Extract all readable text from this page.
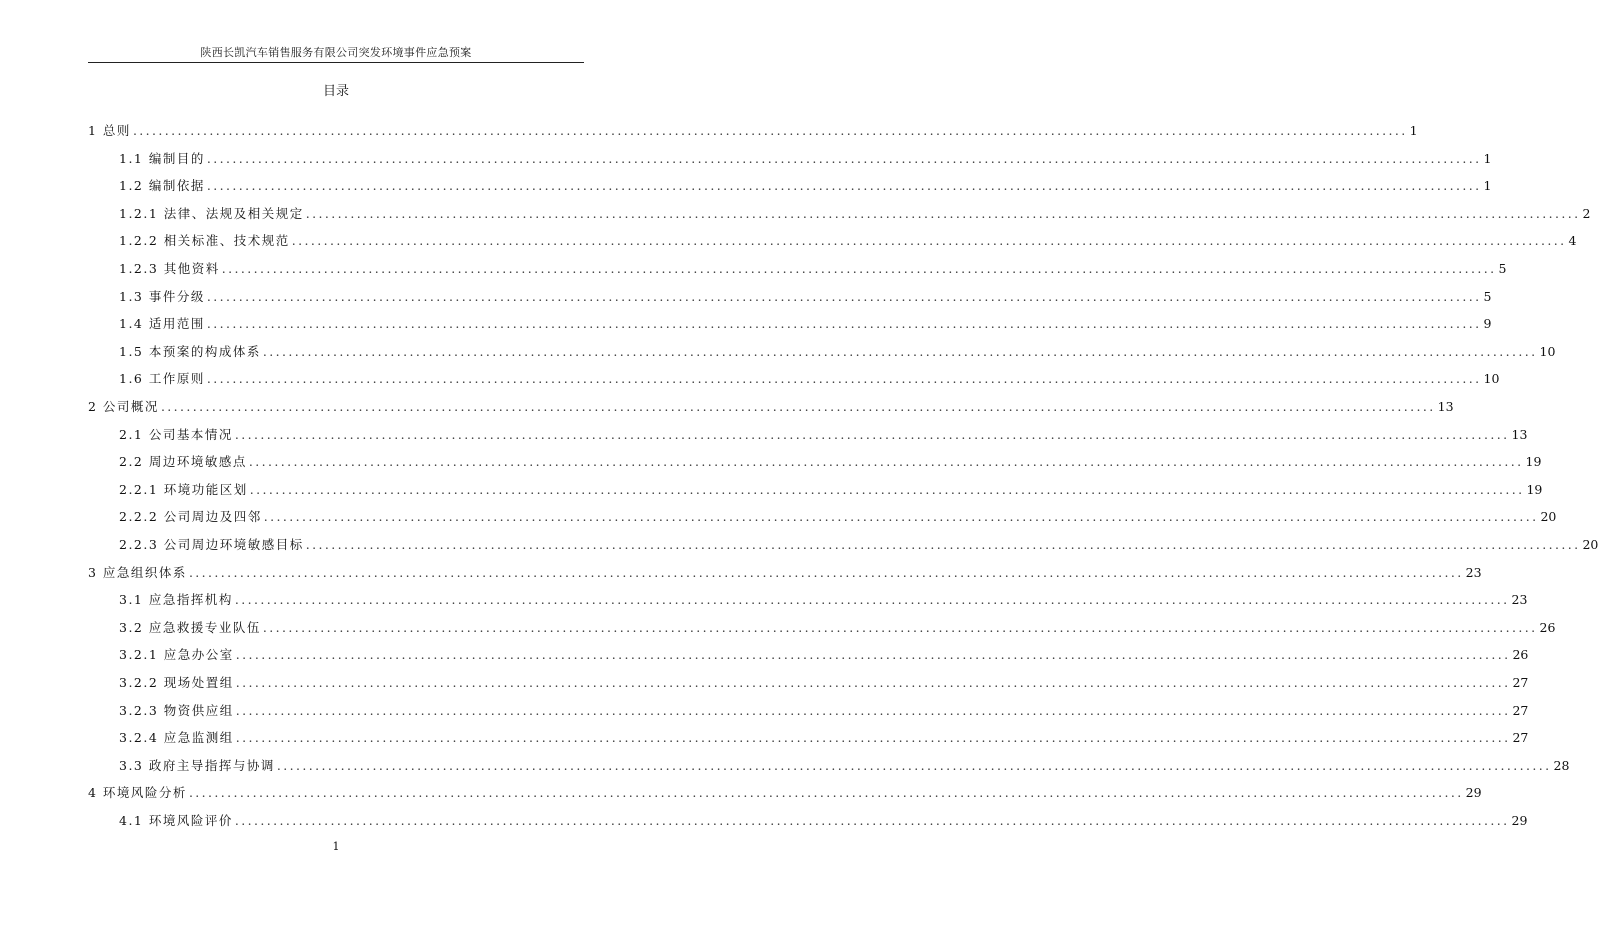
陕西长凯汽车销售服务有限公司突发环境事件应急预案
目录
1 总则 ........................................................................................................................................................................................................ 1
1.1 编制目的 ........................................................................................................................................................................................................ 1
1.2 编制依据 ........................................................................................................................................................................................................ 1
1.2.1 法律、法规及相关规定 ........................................................................................................................................................................................................ 2
1.2.2 相关标准、技术规范 ........................................................................................................................................................................................................ 4
1.2.3 其他资料 ........................................................................................................................................................................................................ 5
1.3 事件分级 ........................................................................................................................................................................................................ 5
1.4 适用范围 ........................................................................................................................................................................................................ 9
1.5 本预案的构成体系 ........................................................................................................................................................................................................ 10
1.6 工作原则 ........................................................................................................................................................................................................ 10
2 公司概况 ........................................................................................................................................................................................................ 13
2.1 公司基本情况 ........................................................................................................................................................................................................ 13
2.2 周边环境敏感点 ........................................................................................................................................................................................................ 19
2.2.1 环境功能区划 ........................................................................................................................................................................................................ 19
2.2.2 公司周边及四邻 ........................................................................................................................................................................................................ 20
2.2.3 公司周边环境敏感目标 ........................................................................................................................................................................................................ 20
3 应急组织体系 ........................................................................................................................................................................................................ 23
3.1 应急指挥机构 ........................................................................................................................................................................................................ 23
3.2 应急救援专业队伍 ........................................................................................................................................................................................................ 26
3.2.1 应急办公室 ........................................................................................................................................................................................................ 26
3.2.2 现场处置组 ........................................................................................................................................................................................................ 27
3.2.3 物资供应组 ........................................................................................................................................................................................................ 27
3.2.4 应急监测组 ........................................................................................................................................................................................................ 27
3.3 政府主导指挥与协调 ........................................................................................................................................................................................................ 28
4 环境风险分析 ........................................................................................................................................................................................................ 29
4.1 环境风险评价 ........................................................................................................................................................................................................ 29
1
